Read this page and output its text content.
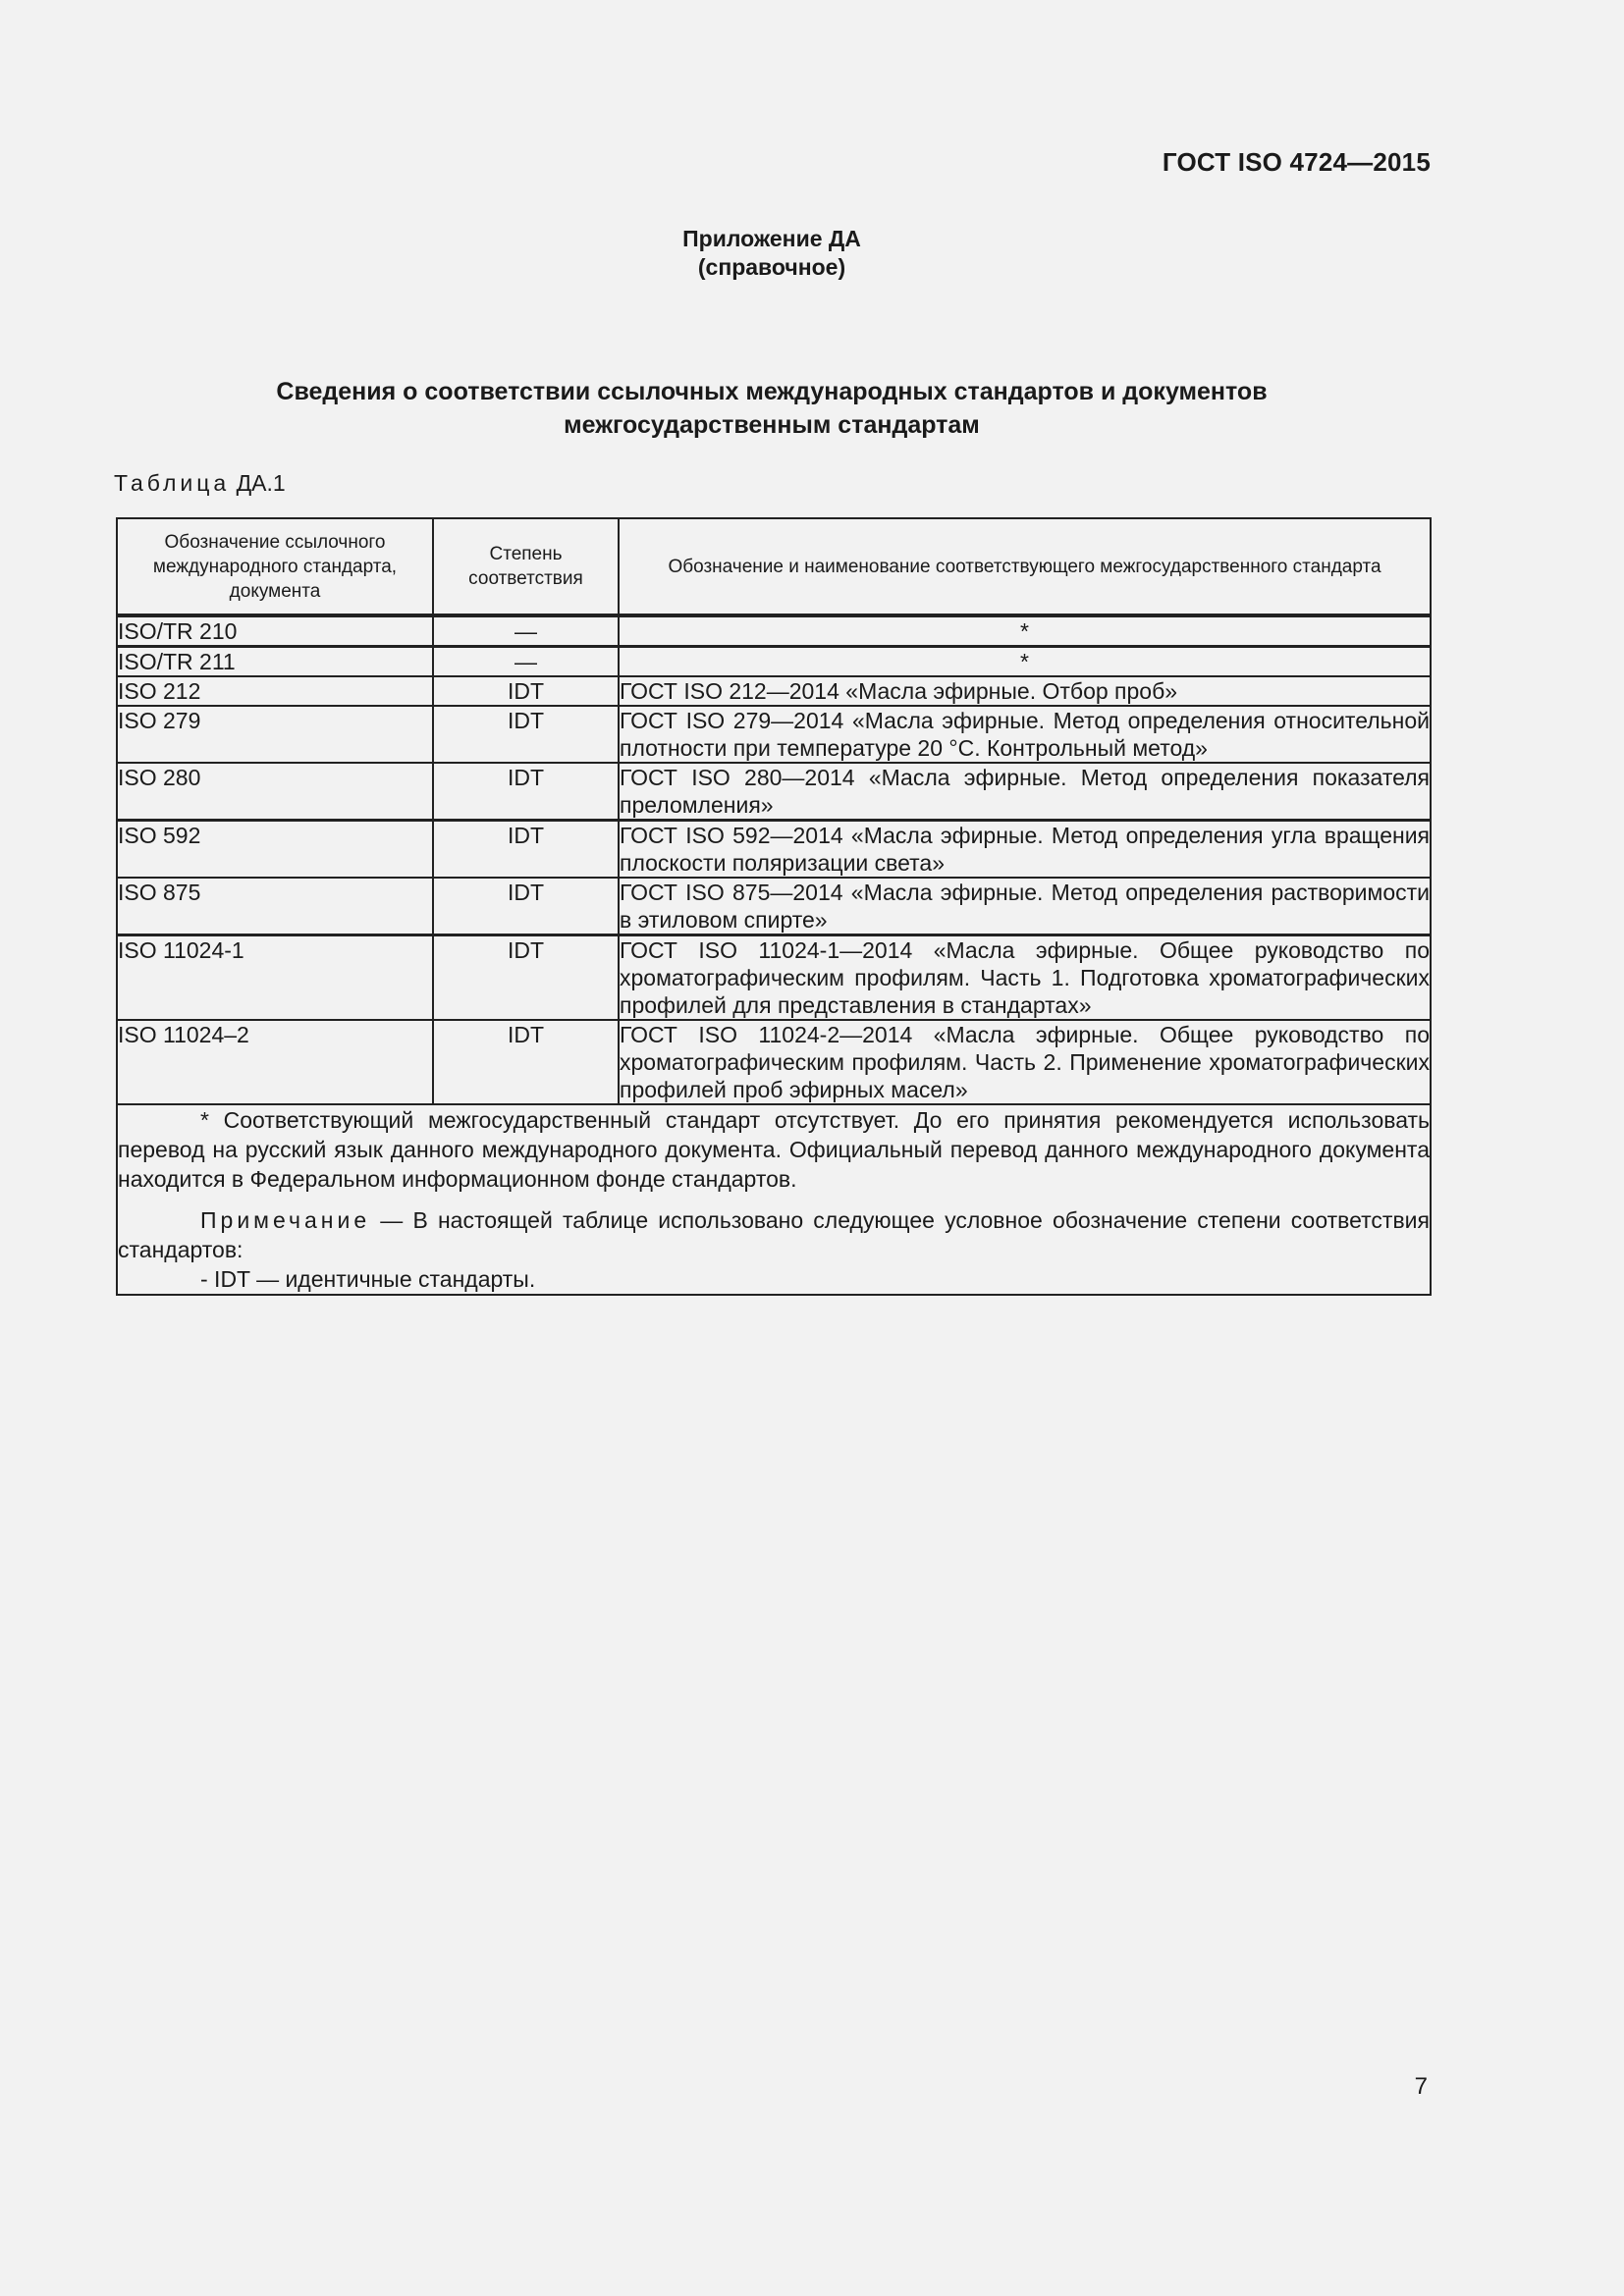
ГОСТ ISO 4724—2015
Приложение ДА
(справочное)
Сведения о соответствии ссылочных международных стандартов и документов
межгосударственным стандартам
Таблица ДА.1
Обозначение ссылочного международного стандарта, документа	Степень соответствия	Обозначение и наименование соответствующего межгосударственного стандарта
ISO/TR 210	—	*
ISO/TR 211	—	*
ISO 212	IDT	ГОСТ ISO 212—2014 «Масла эфирные. Отбор проб»
ISO 279	IDT	ГОСТ ISO 279—2014 «Масла эфирные. Метод определения относительной плотности при температуре 20 °С. Контрольный метод»
ISO 280	IDT	ГОСТ ISO 280—2014 «Масла эфирные. Метод определения показателя преломления»
ISO 592	IDT	ГОСТ ISO 592—2014 «Масла эфирные. Метод определения угла вращения плоскости поляризации света»
ISO 875	IDT	ГОСТ ISO 875—2014 «Масла эфирные. Метод определения растворимости в этиловом спирте»
ISO 11024-1	IDT	ГОСТ ISO 11024-1—2014 «Масла эфирные. Общее руководство по хроматографическим профилям. Часть 1. Подготовка хроматографических профилей для представления в стандартах»
ISO 11024–2	IDT	ГОСТ ISO 11024-2—2014 «Масла эфирные. Общее руководство по хроматографическим профилям. Часть 2. Применение хроматографических профилей проб эфирных масел»

* Соответствующий межгосударственный стандарт отсутствует. До его принятия рекомендуется использовать перевод на русский язык данного международного документа. Официальный перевод данного международного документа находится в Федеральном информационном фонде стандартов.

Примечание — В настоящей таблице использовано следующее условное обозначение степени соответствия стандартов:

- IDT — идентичные стандарты.		

7
